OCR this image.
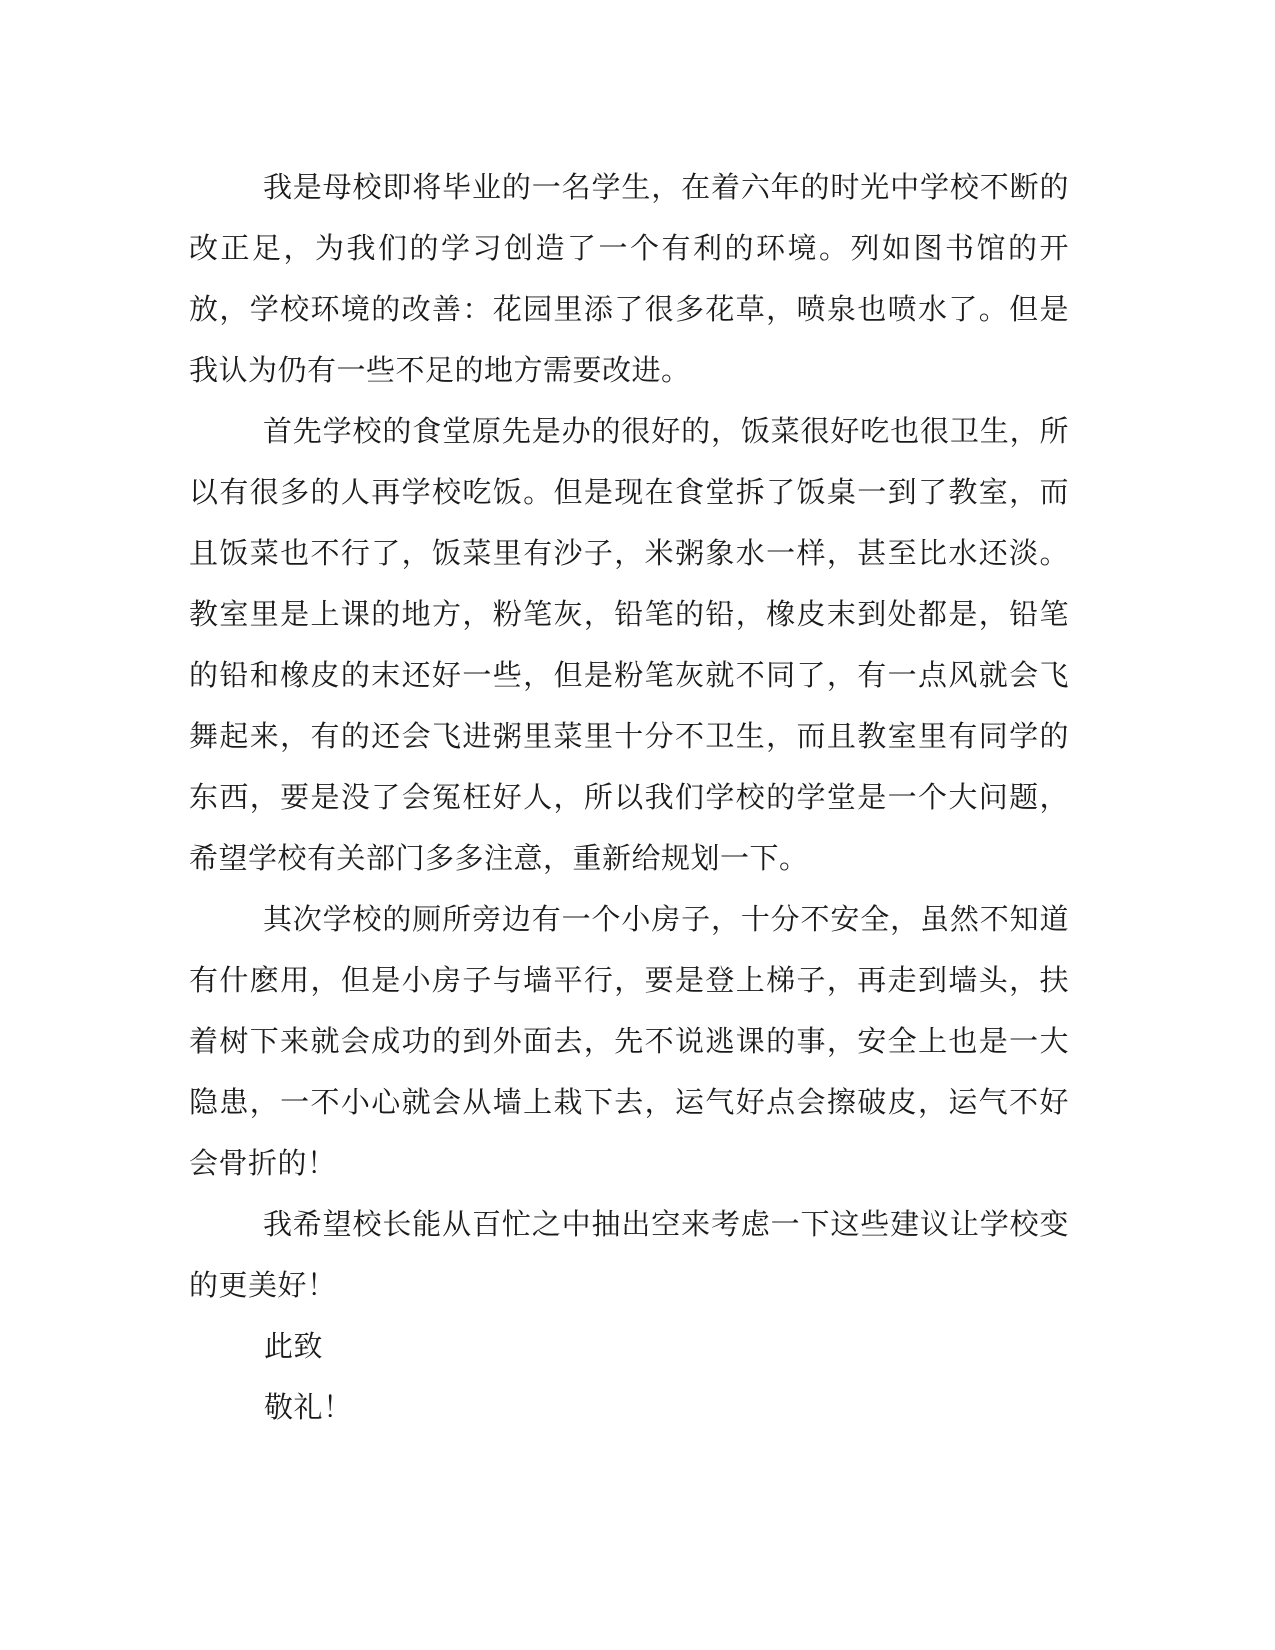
我是母校即将毕业的一名学生，在着六年的时光中学校不断的改正足，为我们的学习创造了一个有利的环境。列如图书馆的开放，学校环境的改善：花园里添了很多花草，喷泉也喷水了。但是我认为仍有一些不足的地方需要改进。

首先学校的食堂原先是办的很好的，饭菜很好吃也很卫生，所以有很多的人再学校吃饭。但是现在食堂拆了饭桌一到了教室，而且饭菜也不行了，饭菜里有沙子，米粥象水一样，甚至比水还淡。教室里是上课的地方，粉笔灰，铅笔的铅，橡皮末到处都是，铅笔的铅和橡皮的末还好一些，但是粉笔灰就不同了，有一点风就会飞舞起来，有的还会飞进粥里菜里十分不卫生，而且教室里有同学的东西，要是没了会冤枉好人，所以我们学校的学堂是一个大问题，希望学校有关部门多多注意，重新给规划一下。

其次学校的厕所旁边有一个小房子，十分不安全，虽然不知道有什麽用，但是小房子与墙平行，要是登上梯子，再走到墙头，扶着树下来就会成功的到外面去，先不说逃课的事，安全上也是一大隐患，一不小心就会从墙上栽下去，运气好点会擦破皮，运气不好会骨折的！

我希望校长能从百忙之中抽出空来考虑一下这些建议让学校变的更美好！

此致

敬礼！
